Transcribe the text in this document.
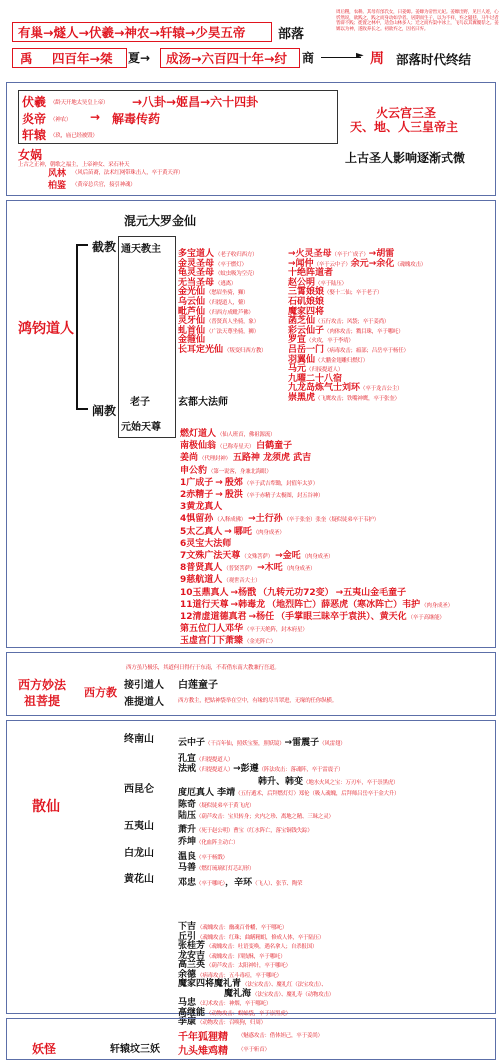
有巢→燧人→伏羲→神农→轩辕→少昊五帝	部落
周后稷，农耕。其母有邰氏女，曰姜嫄。姜嫄为帝喾元妃。姜嫄出野，见巨人迹，心忻然说，欲践之，践之而身动如孕者。居期而生子，以为不祥，弃之隘巷，马牛过者皆辟不践；徙置之林中，适会山林多人；迁之而弃渠中冰上，飞鸟以其翼覆荐之。姜嫄以为神，遂收养长之。初欲弃之，因名曰弃。
禹 四百年→桀 夏→ 成汤→六百四十年→纣 商	► 周 部落时代终结
伏羲 （龄天开地太昊皇上帝） →八卦→姬昌→六十四卦
炎帝 （神农） → 解毒传药
轩辕 （玖，庙已经被毁）
火云宫三圣
天、地、人三皇帝主
上古圣人影响逐渐式微
女娲
上古之正神，朝歌之福主，上帝神女、采石补天
风林 （风后苗裔，法术红网带珠击人，卒于黄天祥）
柏鉴 （黄帝总兵官，接引神魂）
鸿钧道人
混元大罗金仙
截教
阐教
通天教主
老子	玄都大法师
元始天尊
多宝道人（老子收归西方）	→火灵圣母（卒于广成子）→胡雷
金灵圣母（卒于燃灯）	→闻仲（卒于云中子）余元→余化（魂魄攻击）
龟灵圣母（蚊虫吸为空壳）	十绝阵道者
无当圣母（逃离）	赵公明（卒于陆压）
金光仙（愁眉坐骑，狮）	三霄娘娘（娶十二仙；卒于老子）
乌云仙（归提道人，鳌）	石矶娘娘
毗芦仙（归西方成毗芦佛）	魔家四将
灵牙仙（普贤真人坐骑，象）	菡芝仙（五行攻击；风袋；卒于姜尚）
虬首仙（广法天尊坐骑，狮）	彩云仙子（肉体攻击；戮目珠，卒于哪吒）
金箍仙	罗宣（火攻，卒于李靖）
长耳定光仙（叛变归西方教） 吕岳一门（病毒攻击；瘟部；吕岳卒于杨任）
羽翼仙（大鹏金翅雕归燃灯）
马元（归接提道人）
九曜二十八宿
九龙岛炼气士刘环（卒于龙吉公主）
崇黑虎（飞鹰攻击；铁嘴神鹰，卒于张奎）
燃灯道人（仙人班首，佛祖源流）
南极仙翁（已称寿星天） 白鹤童子
姜尚（代理封神） 五路神 龙须虎 武吉
申公豹（第一说客，身兼北海眼）
1广成子 → 殷郊（卒于武吉犁锄，封值年太岁）
2赤精子 → 殷洪（卒于赤精子太极图，封五谷神）
3黄龙真人
4惧留孙（入释成佛） →土行孙（卒于张奎）张奎（疑似徒弟卒于韦护）
5太乙真人 → 哪吒（肉身成圣）
6灵宝大法师
7文殊广法天尊（文殊菩萨） →金吒（肉身成圣）
8普贤真人（普贤菩萨） →木吒（肉身成圣）
9慈航道人（观世音大士）
10玉鼎真人 →杨戬 （九转元功72变） →五夷山金毛童子
11道行天尊 →韩毒龙 （地烈阵亡）薛恶虎（寒冰阵亡）韦护（肉身成圣）
12清虚道德真君 →杨任 （手掌眼三昧卒于袁洪）、黄天化（卒于高继能）
第五位门人邓华（卒于天绝阵，封木府星）
玉虚宫门下萧臻（金光阵亡）
西方妙法
祖菩提
西方教
西方虽乃极乐，其道何日得行于东南，不若借东南大教兼行吾道。
接引道人 白莲童子
准提道人	西方教主，把姑神袋举在空中，有缘的尽当罩进，无缘的任你纵横。
散仙
终南山	云中子（干百年仙，照妖宝鉴，照妖镜）→雷震子（风雷翅）
孔宣（归提提道人）
法戒（归提提道人）→彭遵（阵法攻击：落魂阵，卒于雷震子）
韩升、韩变（地水火风之宝：万刃车，卒于崇黑虎）
西昆仑	度厄真人 李靖（五行遁术，后拜燃灯灯）郑伦（吸人魂魄，后拜师吕岳卒于金大升）
陈奇（疑似徒弟卒于黄飞虎）
陆压（葫芦攻击：宝贝转身；火内之珍、离地之精、三昧之灵）
五夷山	萧升（死于赵公明）曹宝（红水阵亡，落宝铜钱失踪）
乔坤（化血阵主动亡）
白龙山	温良（卒于杨戬）
马善（燃灯琉璃灯灯芯幻形）
黄花山	邓忠（卒于哪吒），辛环（飞人）、张节、陶荣
下吉（魂魄攻击：幽魂百骨幡，卒于哪吒）
丘引（魂魄攻击：红珠；曲鳝精蛆，修成人体，卒于陆压）
张桂芳（魂魄攻击：吐语变唤，遇名拿人；自杀报国）
龙安吉（魂魄攻击：四肢酥，卒于哪吒）
高兰英（葫芦攻击：太阳神针，卒于哪吒）
余德（病毒攻击：五斗毒痘，卒于哪吒）
魔家四将魔礼青（法宝攻击）、魔礼红（法宝攻击）、
魔礼海（法宝攻击）、魔礼寿（动物攻击）
马忠（幻术攻击：神烟，卒于哪吒）
高继能（动物攻击：蜈蚣袋，卒于崇黑虎）
季康（动物攻击：召唤狗，归周）
妖怪	轩辕坟三妖
千年狐狸精 （魅惑攻击：借体妲己，卒于姜尚）
九头雉鸡精 （卒于斩首）
